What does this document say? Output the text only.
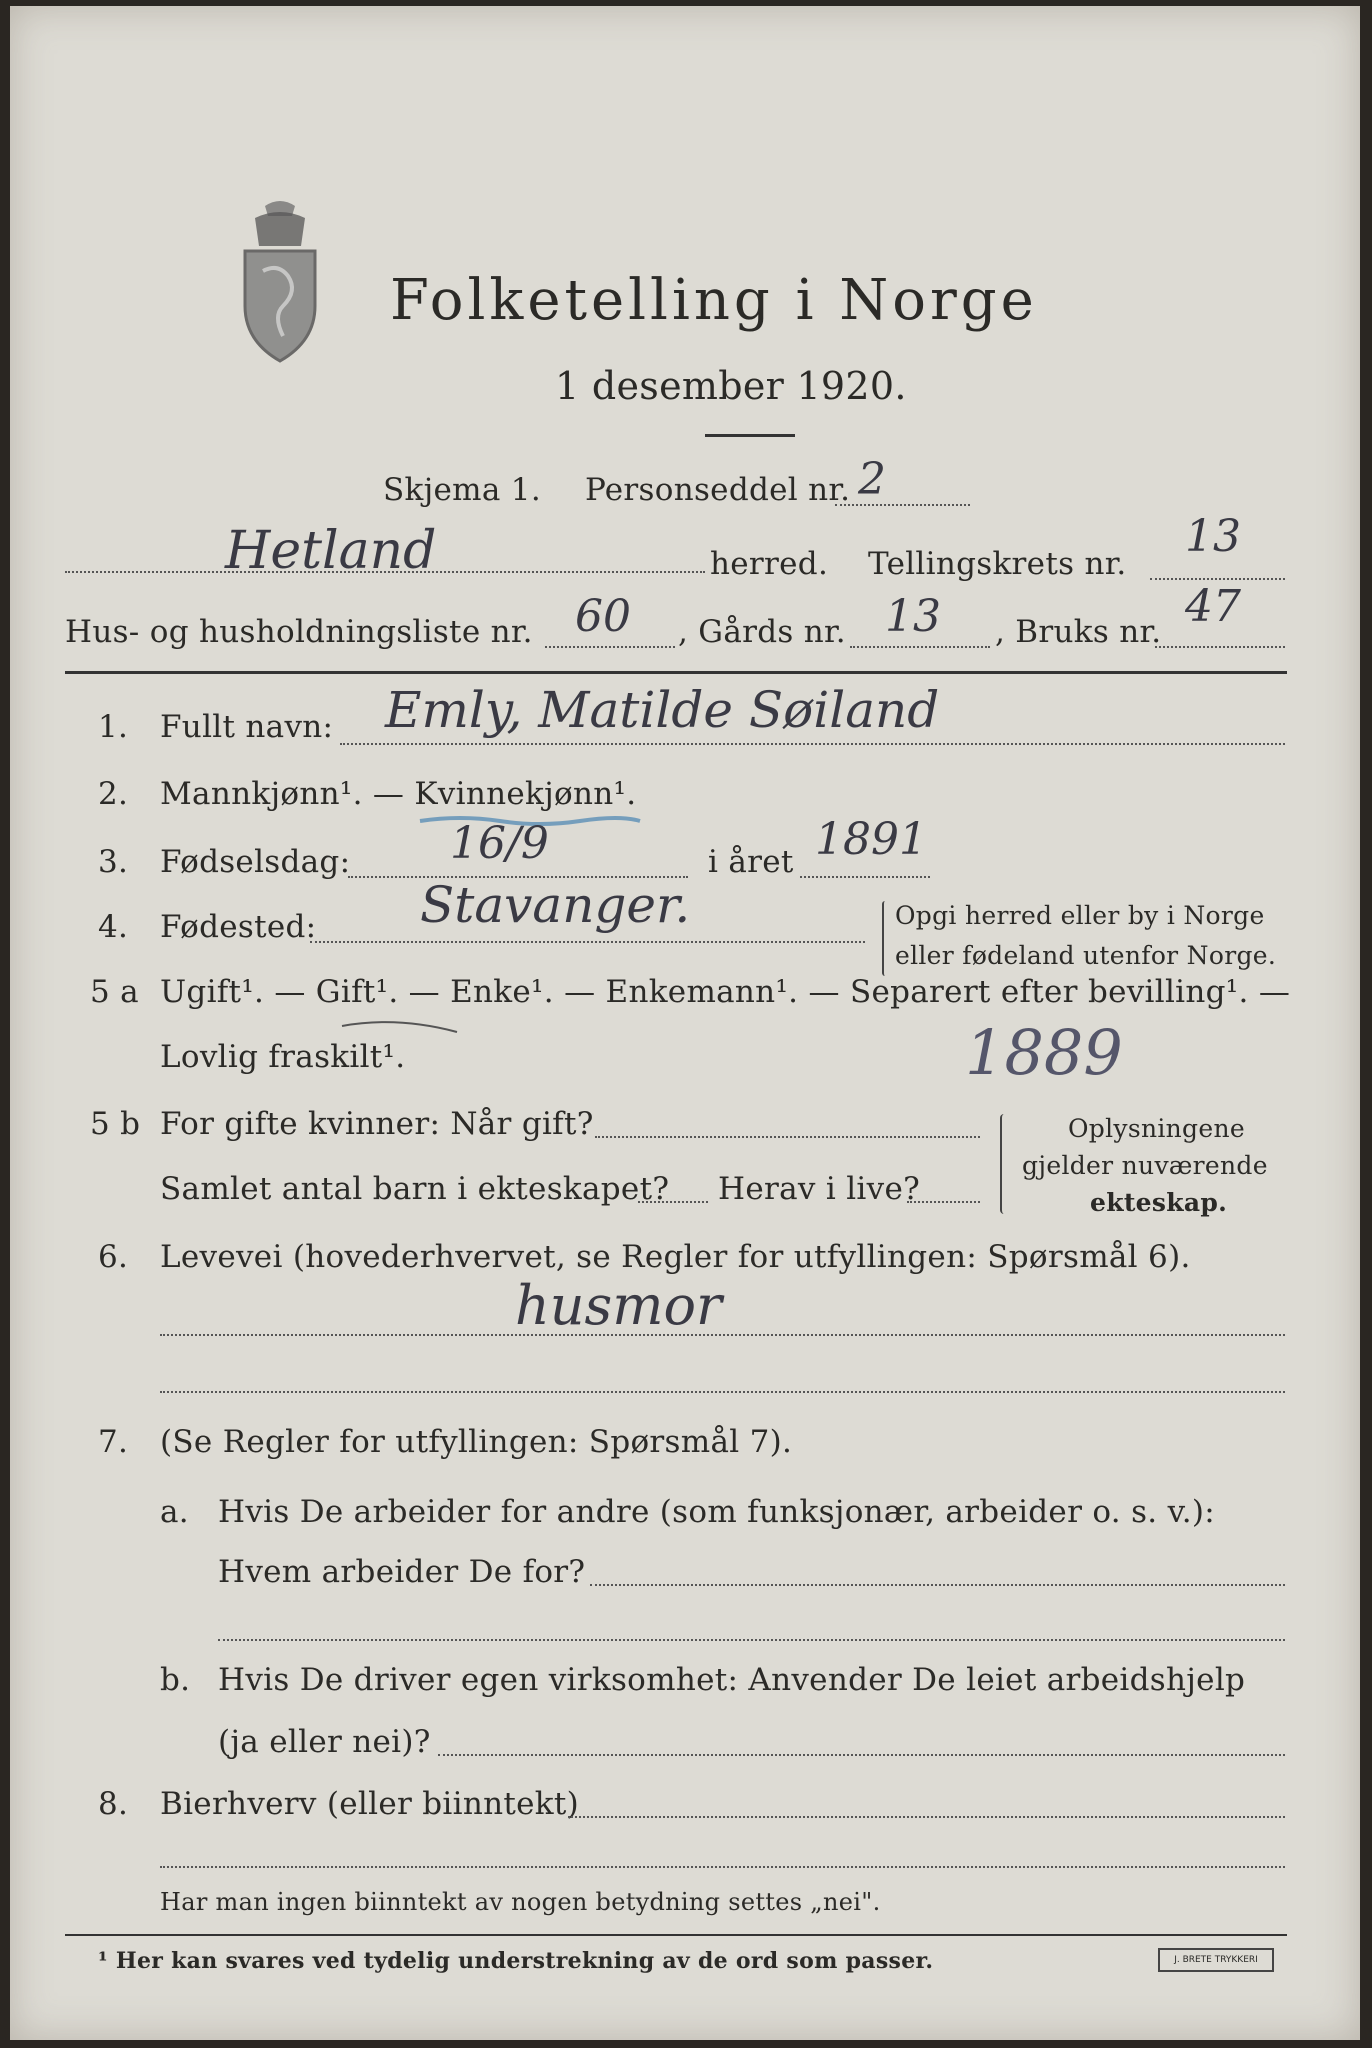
Folketelling i Norge
1 desember 1920.
Skjema 1. Personseddel nr. 2
Hetland	herred. Tellingskrets nr.
13
Hus- og husholdningsliste nr. 60 , Gårds nr. 13 , Bruks nr. 47
1. Fullt navn: Emly, Matilde Søiland
2. Mannkjønn¹. — Kvinnekjønn¹.
3. Fødselsdag: 16/9	i året 1891
4. Fødested: Stavanger.	Opgi herred eller by i Norge
eller fødeland utenfor Norge.
5 a Ugift¹. — Gift¹. — Enke¹. — Enkemann¹. — Separert efter bevilling¹. —
Lovlig fraskilt¹.	1889
5 b For gifte kvinner: Når gift?
Samlet antal barn i ekteskapet? Herav i live?
Oplysningene
gjelder nuværende
ekteskap.
6. Levevei (hovederhvervet, se Regler for utfyllingen: Spørsmål 6).
husmor
7. (Se Regler for utfyllingen: Spørsmål 7).
a. Hvis De arbeider for andre (som funksjonær, arbeider o. s. v.):
Hvem arbeider De for?
b. Hvis De driver egen virksomhet: Anvender De leiet arbeidshjelp
(ja eller nei)?
8. Bierhverv (eller biinntekt)
Har man ingen biinntekt av nogen betydning settes „nei".
¹ Her kan svares ved tydelig understrekning av de ord som passer.	J. BRETE TRYKKERI
